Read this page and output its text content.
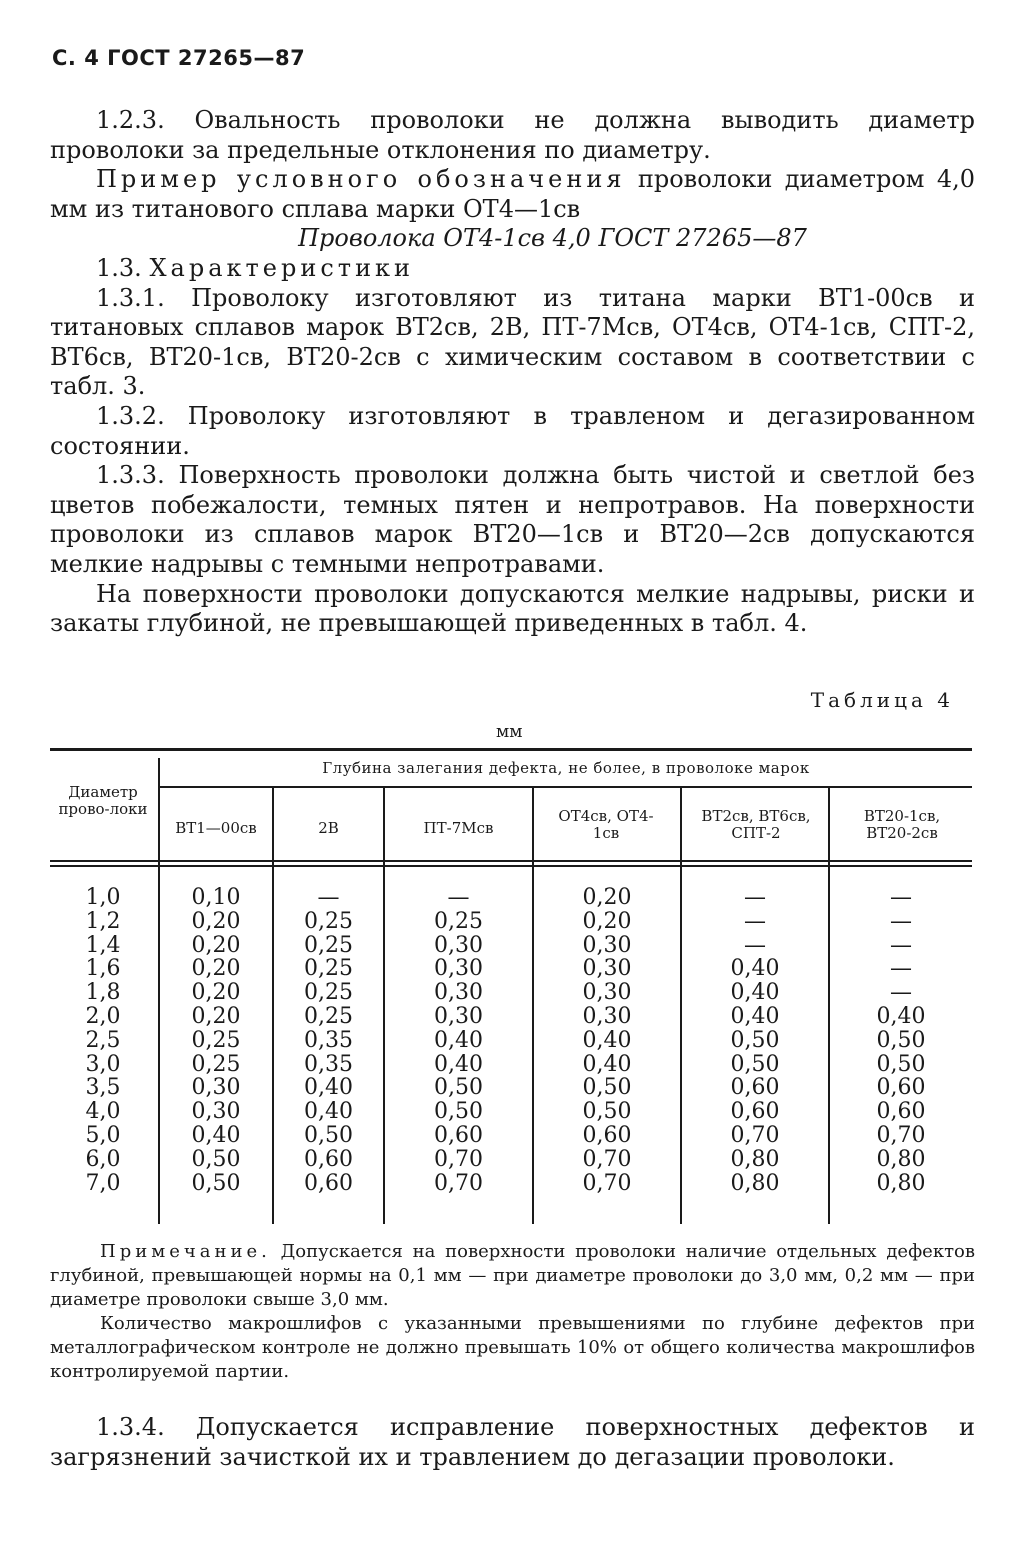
С. 4 ГОСТ 27265—87

1.2.3. Овальность проволоки не должна выводить диаметр проволоки за предельные отклонения по диаметру.

Пример условного обозначения проволоки диаметром 4,0 мм из титанового сплава марки ОТ4—1св

Проволока ОТ4-1св 4,0 ГОСТ 27265—87

1.3. Характеристики

1.3.1. Проволоку изготовляют из титана марки ВТ1-00св и титановых сплавов марок ВТ2св, 2В, ПТ-7Мсв, ОТ4св, ОТ4-1св, СПТ-2, ВТ6св, ВТ20-1св, ВТ20-2св с химическим составом в соответствии с табл. 3.

1.3.2. Проволоку изготовляют в травленом и дегазированном состоянии.

1.3.3. Поверхность проволоки должна быть чистой и светлой без цветов побежалости, темных пятен и непротравов. На поверхности проволоки из сплавов марок ВТ20—1св и ВТ20—2св допускаются мелкие надрывы с темными непротравами.

На поверхности проволоки допускаются мелкие надрывы, риски и закаты глубиной, не превышающей приведенных в табл. 4.

Таблица 4
мм
Диаметр прово-локи
Глубина залегания дефекта, не более, в проволоке марок
ВТ1—00св	2В	ПТ-7Мсв
ОТ4св, ОТ4-1св
ВТ2св, ВТ6св, СПТ-2
ВТ20-1св, ВТ20-2св
1,0
1,2
1,4
1,6
1,8
2,0
2,5
3,0
3,5
4,0
5,0
6,0
7,0
0,10
0,20
0,20
0,20
0,20
0,20
0,25
0,25
0,30
0,30
0,40
0,50
0,50
—
0,25
0,25
0,25
0,25
0,25
0,35
0,35
0,40
0,40
0,50
0,60
0,60
—
0,25
0,30
0,30
0,30
0,30
0,40
0,40
0,50
0,50
0,60
0,70
0,70
0,20
0,20
0,30
0,30
0,30
0,30
0,40
0,40
0,50
0,50
0,60
0,70
0,70
—
—
—
0,40
0,40
0,40
0,50
0,50
0,60
0,60
0,70
0,80
0,80
—
—
—
—
—
0,40
0,50
0,50
0,60
0,60
0,70
0,80
0,80

Примечание. Допускается на поверхности проволоки наличие отдельных дефектов глубиной, превышающей нормы на 0,1 мм — при диаметре проволоки до 3,0 мм, 0,2 мм — при диаметре проволоки свыше 3,0 мм.

Количество макрошлифов с указанными превышениями по глубине дефектов при металлографическом контроле не должно превышать 10% от общего количества макрошлифов контролируемой партии.

1.3.4. Допускается исправление поверхностных дефектов и загрязнений зачисткой их и травлением до дегазации проволоки.
